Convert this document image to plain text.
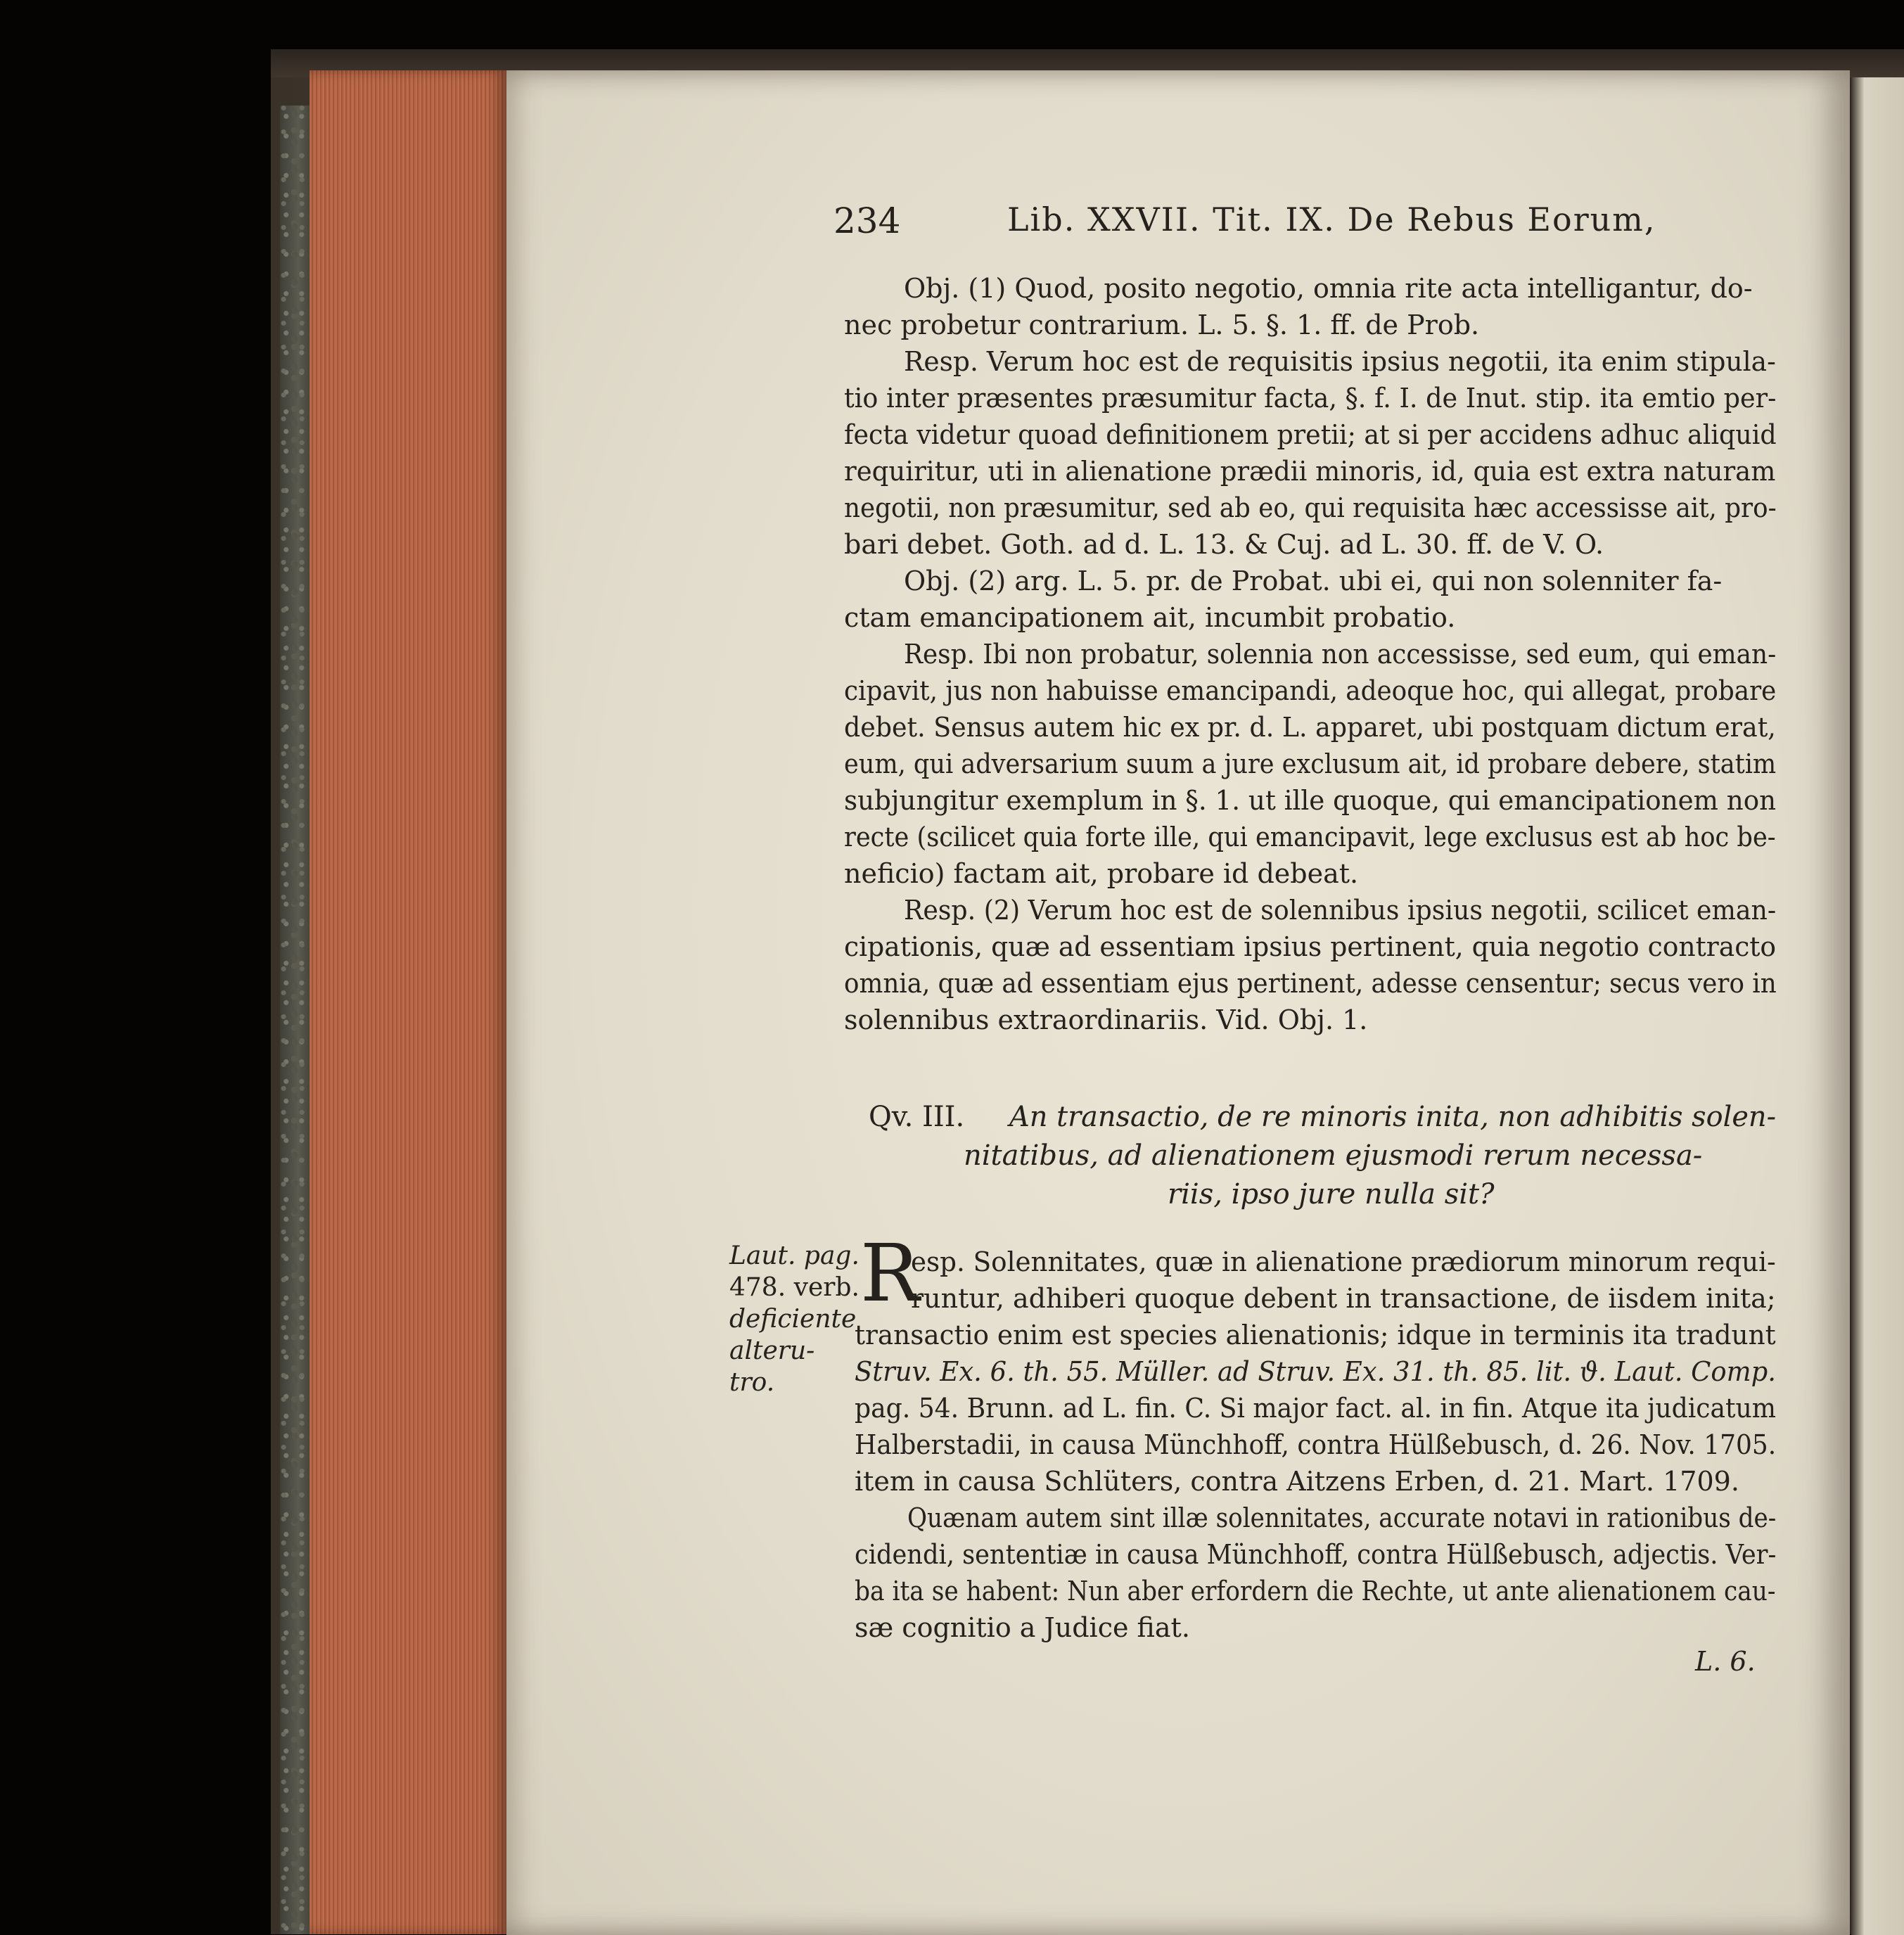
234	Lib. XXVII. Tit. IX. De Rebus Eorum,
Obj. (1) Quod, posito negotio, omnia rite acta intelligantur, do-
nec probetur contrarium. L. 5. §. 1. ff. de Prob.
Resp. Verum hoc est de requisitis ipsius negotii, ita enim stipula-
tio inter præsentes præsumitur facta, §. f. I. de Inut. stip. ita emtio per-
fecta videtur quoad definitionem pretii; at si per accidens adhuc aliquid
requiritur, uti in alienatione prædii minoris, id, quia est extra naturam
negotii, non præsumitur, sed ab eo, qui requisita hæc accessisse ait, pro-
bari debet. Goth. ad d. L. 13. & Cuj. ad L. 30. ff. de V. O.
Obj. (2) arg. L. 5. pr. de Probat. ubi ei, qui non solenniter fa-
ctam emancipationem ait, incumbit probatio.
Resp. Ibi non probatur, solennia non accessisse, sed eum, qui eman-
cipavit, jus non habuisse emancipandi, adeoque hoc, qui allegat, probare
debet. Sensus autem hic ex pr. d. L. apparet, ubi postquam dictum erat,
eum, qui adversarium suum a jure exclusum ait, id probare debere, statim
subjungitur exemplum in §. 1. ut ille quoque, qui emancipationem non
recte (scilicet quia forte ille, qui emancipavit, lege exclusus est ab hoc be-
neficio) factam ait, probare id debeat.
Resp. (2) Verum hoc est de solennibus ipsius negotii, scilicet eman-
cipationis, quæ ad essentiam ipsius pertinent, quia negotio contracto
omnia, quæ ad essentiam ejus pertinent, adesse censentur; secus vero in
solennibus extraordinariis. Vid. Obj. 1.
Qv. III. An transactio, de re minoris inita, non adhibitis solen-
nitatibus, ad alienationem ejusmodi rerum necessa-
riis, ipso jure nulla sit?
Laut. pag.
478. verb.
deficiente
alteru-
tro.
R
esp. Solennitates, quæ in alienatione prædiorum minorum requi-
runtur, adhiberi quoque debent in transactione, de iisdem inita;
transactio enim est species alienationis; idque in terminis ita tradunt
Struv. Ex. 6. th. 55. Müller. ad Struv. Ex. 31. th. 85. lit. ϑ. Laut. Comp.
pag. 54. Brunn. ad L. fin. C. Si major fact. al. in fin. Atque ita judicatum
Halberstadii, in causa Münchhoff, contra Hülßebusch, d. 26. Nov. 1705.
item in causa Schlüters, contra Aitzens Erben, d. 21. Mart. 1709.
Quænam autem sint illæ solennitates, accurate notavi in rationibus de-
cidendi, sententiæ in causa Münchhoff, contra Hülßebusch, adjectis. Ver-
ba ita se habent: Nun aber erfordern die Rechte, ut ante alienationem cau-
sæ cognitio a Judice fiat.
L. 6.
